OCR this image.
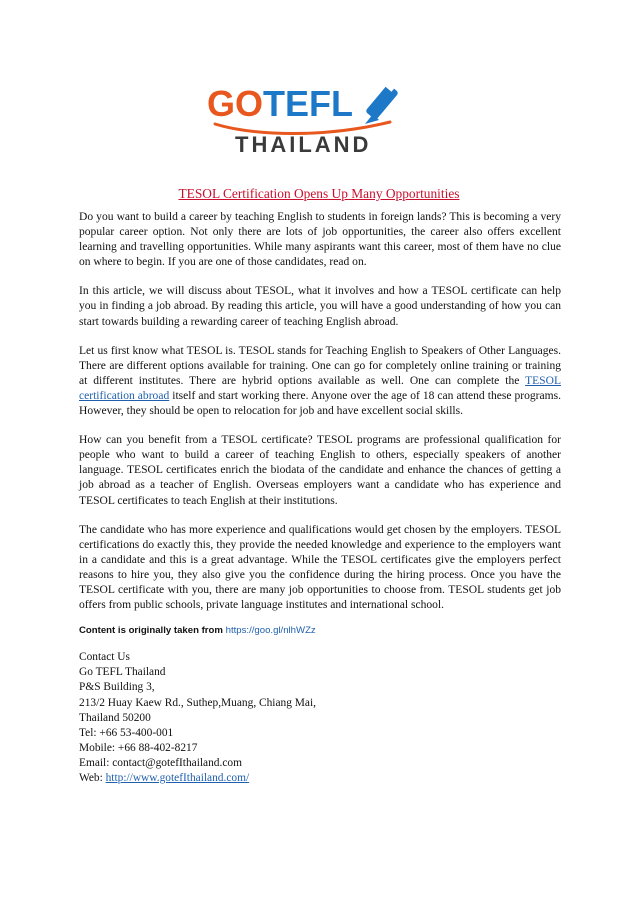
GO TEFL
THAILAND
TESOL Certification Opens Up Many Opportunities

Do you want to build a career by teaching English to students in foreign lands? This is becoming a very popular career option. Not only there are lots of job opportunities, the career also offers excellent learning and travelling opportunities. While many aspirants want this career, most of them have no clue on where to begin. If you are one of those candidates, read on.

In this article, we will discuss about TESOL, what it involves and how a TESOL certificate can help you in finding a job abroad. By reading this article, you will have a good understanding of how you can start towards building a rewarding career of teaching English abroad.

Let us first know what TESOL is. TESOL stands for Teaching English to Speakers of Other Languages. There are different options available for training. One can go for completely online training or training at different institutes. There are hybrid options available as well. One can complete the TESOL certification abroad itself and start working there. Anyone over the age of 18 can attend these programs. However, they should be open to relocation for job and have excellent social skills.

How can you benefit from a TESOL certificate? TESOL programs are professional qualification for people who want to build a career of teaching English to others, especially speakers of another language. TESOL certificates enrich the biodata of the candidate and enhance the chances of getting a job abroad as a teacher of English. Overseas employers want a candidate who has experience and TESOL certificates to teach English at their institutions.

The candidate who has more experience and qualifications would get chosen by the employers. TESOL certifications do exactly this, they provide the needed knowledge and experience to the employers want in a candidate and this is a great advantage. While the TESOL certificates give the employers perfect reasons to hire you, they also give you the confidence during the hiring process. Once you have the TESOL certificate with you, there are many job opportunities to choose from. TESOL students get job offers from public schools, private language institutes and international school.

Content is originally taken from https://goo.gl/nlhWZz
Contact Us
Go TEFL Thailand
P&S Building 3,
213/2 Huay Kaew Rd., Suthep,Muang, Chiang Mai,
Thailand 50200
Tel: +66 53-400-001
Mobile: +66 88-402-8217
Email: contact@gotefIthailand.com
Web: http://www.gotefIthailand.com/
